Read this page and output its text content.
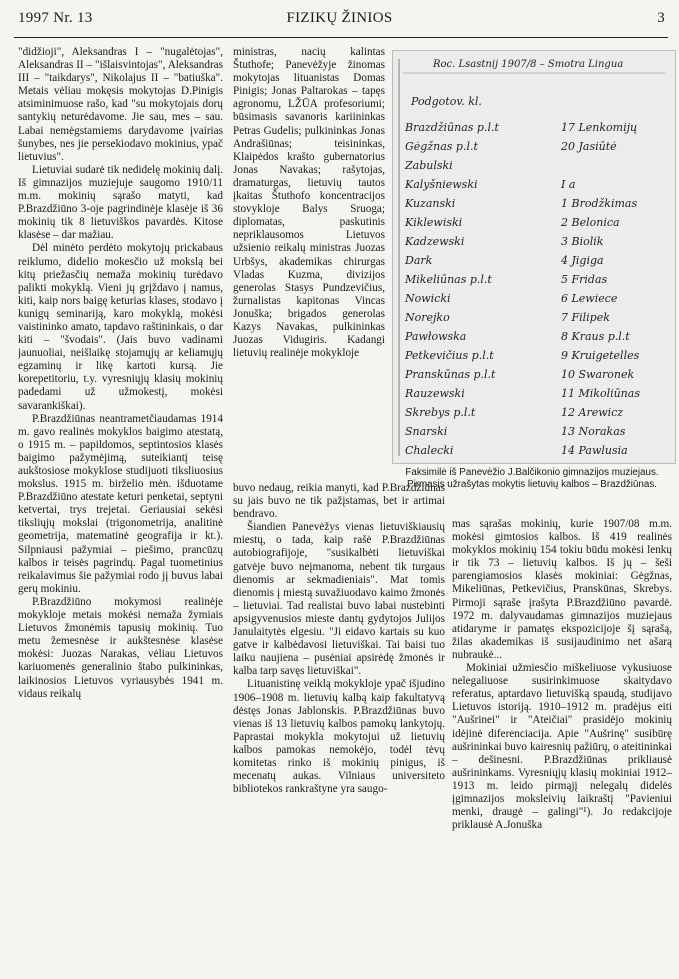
1997 Nr. 13	FIZIKŲ ŽINIOS	3

"didžioji", Aleksandras I – "nugalėtojas", Aleksandras II – "išlaisvintojas", Aleksandras III – "taikdarys", Nikolajus II – "batiuška". Metais vėliau mokęsis mokytojas D.Pinigis atsiminimuose rašo, kad "su mokytojais dorų santykių neturėdavome. Jie sau, mes – sau. Labai nemėgstamiems darydavome įvairias šunybes, nes jie persekiodavo mokinius, ypač lietuvius".

Lietuviai sudarė tik nedidelę mokinių dalį. Iš gimnazijos muziejuje saugomo 1910/11 m.m. mokinių sąrašo matyti, kad P.Brazdžiūno 3-oje pagrindinėje klasėje iš 36 mokinių tik 8 lietuviškos pavardės. Kitose klasėse – dar mažiau.

Dėl minėto perdėto mokytojų prickabaus reiklumo, didelio mokesčio už mokslą bei kitų priežasčių nemaža mokinių turėdavo palikti mokyklą. Vieni jų grįždavo į namus, kiti, kaip nors baigę keturias klases, stodavo į kunigų seminariją, karo mokyklą, mokėsi vaistininko amato, tapdavo raštininkais, o dar kiti – "švodais". (Jais buvo vadinami jaunuoliai, neišlaikę stojamųjų ar keliamųjų egzaminų ir likę kartoti kursą. Jie korepetitoriu, t.y. vyresniųjų klasių mokinių padedami už užmokestį, mokėsi savarankiškai).

P.Brazdžiūnas neantrametčiaudamas 1914 m. gavo realinės mokyklos baigimo atestatą, o 1915 m. – papildomos, septintosios klasės baigimo pažymėjimą, suteikiantį teisę aukštosiose mokyklose studijuoti tiksliuosius mokslus. 1915 m. birželio mėn. išduotame P.Brazdžiūno atestate keturi penketai, septyni ketvertai, trys trejetai. Geriausiai sekėsi tiksliųjų mokslai (trigonometrija, analitinė geometrija, matematinė geografija ir kt.). Silpniausi pažymiai – piešimo, prancūzų kalbos ir teisės pagrindų. Pagal tuometinius reikalavimus šie pažymiai rodo jį buvus labai gerų mokiniu.

P.Brazdžiūno mokymosi realinėje mokykloje metais mokėsi nemaža žymiais Lietuvos žmonėmis tapusių mokinių. Tuo metu žemesnėse ir aukštesnėse klasėse mokėsi: Juozas Narakas, vėliau Lietuvos kariuomenės generalinio štabo pulkininkas, laikinosios Lietuvos vyriausybės 1941 m. vidaus reikalų

ministras, nacių kalintas Štuthofe; Panevėžyje žinomas mokytojas lituanistas Domas Pinigis; Jonas Paltarokas – tapęs agronomu, LŽŪA profesoriumi; būsimasis savanoris kariininkas Petras Gudelis; pulkininkas Jonas Andrašiūnas; teisininkas, Klaipėdos krašto gubernatorius Jonas Navakas; rašytojas, dramaturgas, lietuvių tautos įkaitas Štuthofo koncentracijos stovykloje Balys Sruoga; diplomatas, paskutinis nepriklausomos Lietuvos užsienio reikalų ministras Juozas Urbšys, akademikas chirurgas Vladas Kuzma, divizijos generolas Stasys Pundzevičius, žurnalistas kapitonas Vincas Jonuška; brigados generolas Kazys Navakas, pulkininkas Juozas Vidugiris. Kadangi lietuvių realinėje mokykloje

Roc. Lsastnij 1907/8 – Smotra Lingua
Podgotov. kl.
Brazdžiūnas p.l.t	17 Lenkomijų
Gėgžnas p.l.t	20 Jasiūtė
Zabulski
Kalyšniewski	I a
Kuzanski	1 Brodžkimas
Kiklewiski	2 Belonica
Kadzewski	3 Biolik
Dark	4 Jigiga
Mikeliūnas p.l.t	5 Fridas
Nowicki	6 Lewiece
Norejko	7 Filipek
Pawłowska	8 Kraus p.l.t
Petkevičius p.l.t	9 Kruigetelles
Pranskūnas p.l.t	10 Swaronek
Rauzewski	11 Mikoliūnas
Skrebys p.l.t	12 Arewicz
Snarski	13 Norakas
Chalecki	14 Pawlusia
Faksimilė iš Panevėžio J.Balčikonio gimnazijos muziejaus.
Pirmasis užrašytas mokytis lietuvių kalbos – Brazdžiūnas.

buvo nedaug, reikia manyti, kad P.Brazdžiūnas su jais buvo ne tik pažįstamas, bet ir artimai bendravo.

Šiandien Panevėžys vienas lietuviškiausių miestų, o tada, kaip rašė P.Brazdžiūnas autobiografijoje, "susikalbėti lietuviškai gatvėje buvo neįmanoma, nebent tik turgaus dienomis ar sekmadieniais". Mat tomis dienomis į miestą suvažiuodavo kaimo žmonės – lietuviai. Tad realistai buvo labai nustebinti apsigyvenusios mieste dantų gydytojos Julijos Janulaitytės elgesiu. "Ji eidavo kartais su kuo gatve ir kalbėdavosi lietuviškai. Tai baisi tuo laiku naujiena – pusėniai apsirėdę žmonės ir kalba tarp savęs lietuviškai".

Lituanistinę veiklą mokykloje ypač išjudino 1906–1908 m. lietuvių kalbą kaip fakultatyvą dėstęs Jonas Jablonskis. P.Brazdžiūnas buvo vienas iš 13 lietuvių kalbos pamokų lankytojų. Paprastai mokykla mokytojui už lietuvių kalbos pamokas nemokėjo, todėl tėvų komitetas rinko iš mokinių pinigus, iš mecenatų aukas. Vilniaus universiteto bibliotekos rankraštyne yra saugo-

mas sąrašas mokinių, kurie 1907/08 m.m. mokėsi gimtosios kalbos. Iš 419 realinės mokyklos mokinių 154 tokiu būdu mokėsi lenkų ir tik 73 – lietuvių kalbos. Iš jų – šeši parengiamosios klasės mokiniai: Gėgžnas, Mikeliūnas, Petkevičius, Pranskūnas, Skrebys. Pirmoji sąraše įrašyta P.Brazdžiūno pavardė. 1972 m. dalyvaudamas gimnazijos muziejaus atidaryme ir pamatęs ekspozicijoje šį sąrašą, žilas akademikas iš susijaudinimo net ašarą nubraukė...

Mokiniai užmiesčio miškeliuose vykusiuose nelegaliuose susirinkimuose skaitydavo referatus, aptardavo lietuvišką spaudą, studijavo Lietuvos istoriją. 1910–1912 m. pradėjus eiti "Aušrinei" ir "Ateičiai" prasidėjo mokinių idėjinė diferenciacija. Apie "Aušrinę" susibūrę aušrininkai buvo kairesnių pažiūrų, o ateitininkai – dešinesni. P.Brazdžiūnas prikliausė aušrininkams. Vyresniųjų klasių mokiniai 1912–1913 m. leido pirmąjį nelegalų didelės įgimnazijos moksleivių laikraštį "Pavieniui menki, draugė – galingi"¹). Jo redakcijoje priklausė A.Jonuška
